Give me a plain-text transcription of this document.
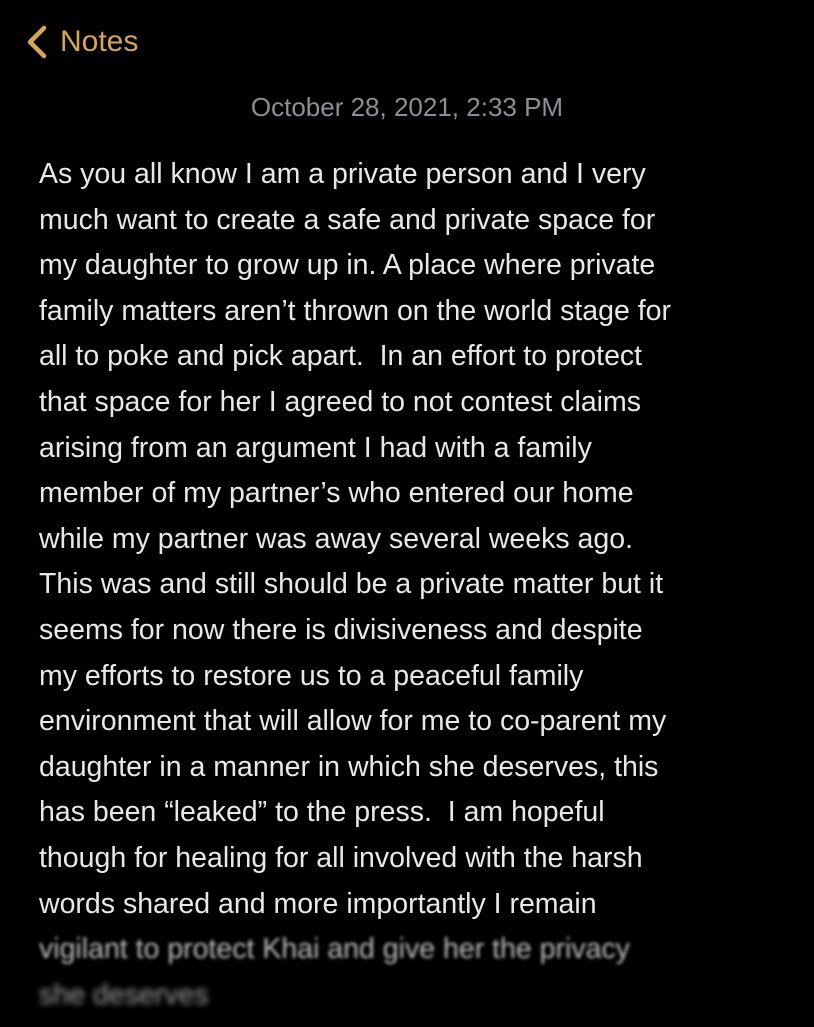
Notes
October 28, 2021, 2:33 PM
As you all know I am a private person and I very
much want to create a safe and private space for
my daughter to grow up in. A place where private
family matters aren’t thrown on the world stage for
all to poke and pick apart.  In an effort to protect
that space for her I agreed to not contest claims
arising from an argument I had with a family
member of my partner’s who entered our home
while my partner was away several weeks ago.
This was and still should be a private matter but it
seems for now there is divisiveness and despite
my efforts to restore us to a peaceful family
environment that will allow for me to co-parent my
daughter in a manner in which she deserves, this
has been “leaked” to the press.  I am hopeful
though for healing for all involved with the harsh
words shared and more importantly I remain
vigilant to protect Khai and give her the privacy
she deserves
